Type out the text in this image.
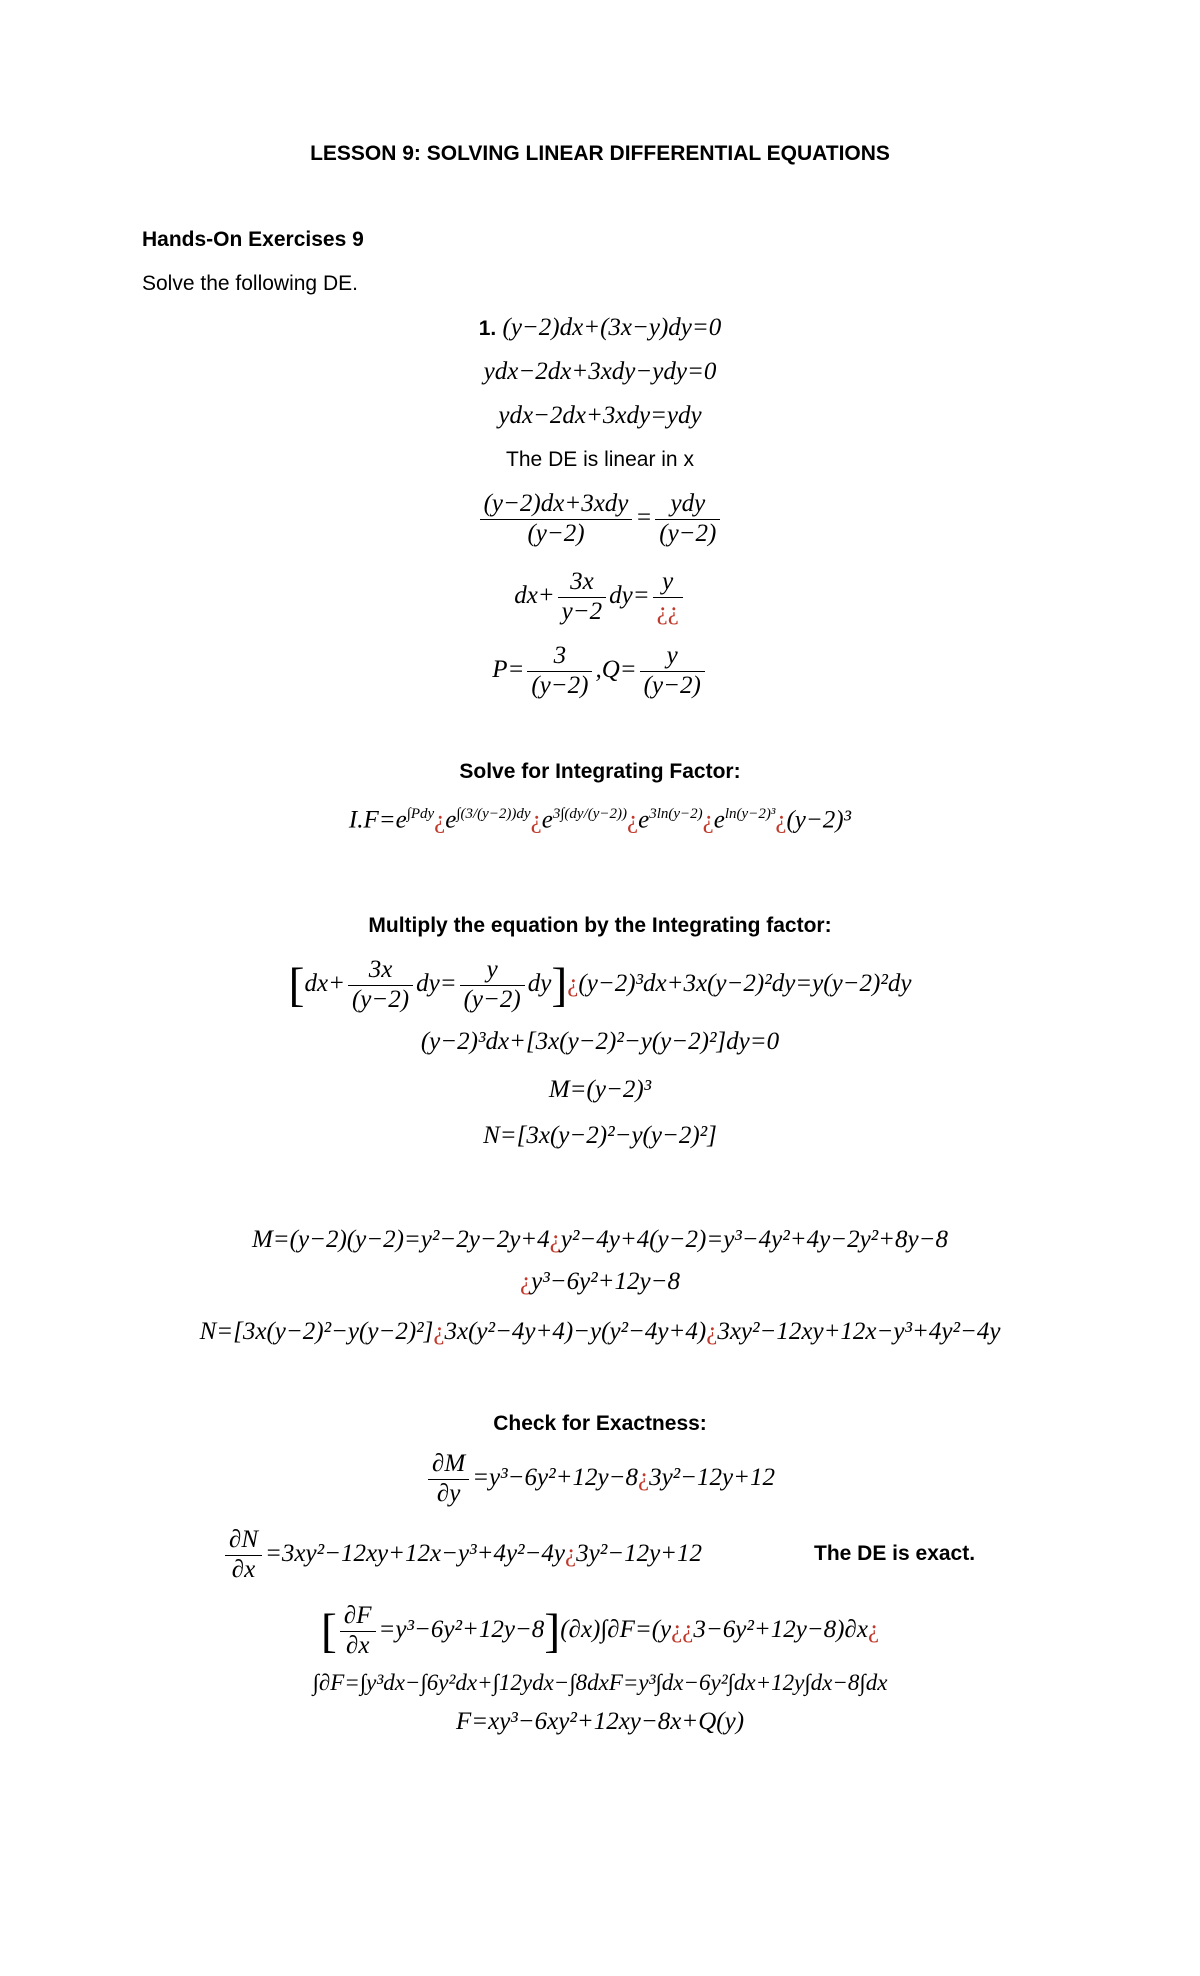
LESSON 9: SOLVING LINEAR DIFFERENTIAL EQUATIONS
Hands-On Exercises 9
Solve the following DE.
1. (y−2)dx+(3x−y)dy=0
ydx−2dx+3xdy−ydy=0
ydx−2dx+3xdy=ydy
The DE is linear in x
$\frac{\text{(y−2)dx+3xdy}}{(y-2)} = \frac{\text{ydy}}{(y-2)}$
$dx+ \frac{3x}{y-2} dy= \frac{y}{¿¿}$
$P= \frac{3}{(y-2)} ,Q= \frac{y}{(y-2)}$
Solve for Integrating Factor:
$I.F=e^{\int Pdy}¿e^{\int(3/(y-2))dy}¿e^{3\int(dy/(y-2))}¿e^{3ln(y-2)}¿e^{ln(y-2)^3}¿(y-2)^3$
Multiply the equation by the Integrating factor:
[$dx+ \frac{3x}{(y-2)} dy= \frac{y}{(y-2)}$ dy]¿(y−2)³dx+3x(y−2)²dy=y(y−2)²dy
(y−2)³dx+[3x(y−2)²−y(y−2)²]dy=0
M=(y−2)³
N=[3x(y−2)²−y(y−2)²]
M=(y−2)(y−2)=y²−2y−2y+4¿y²−4y+4(y−2)=y³−4y²+4y−2y²+8y−8
¿y³−6y²+12y−8
N=[3x(y−2)²−y(y−2)²]¿3x(y²−4y+4)−y(y²−4y+4)¿3xy²−12xy+12x−y³+4y²−4y
Check for Exactness:
$\frac{\partial M}{\partial y}$ =y³−6y²+12y−8¿3y²−12y+12
$\frac{\partial N}{\partial x}$ =3xy²−12xy+12x−y³+4y²−4y¿3y²−12y+12	The DE is exact.
[ $\frac{\partial F}{\partial x}$ =y³−6y²+12y−8](∂x)∫∂F=(y¿¿3−6y²+12y−8)∂x¿
∫∂F=∫y³dx−∫6y²dx+∫12ydx−∫8dxF=y³∫dx−6y²∫dx+12y∫dx−8∫dx
F=xy³−6xy²+12xy−8x+Q(y)
